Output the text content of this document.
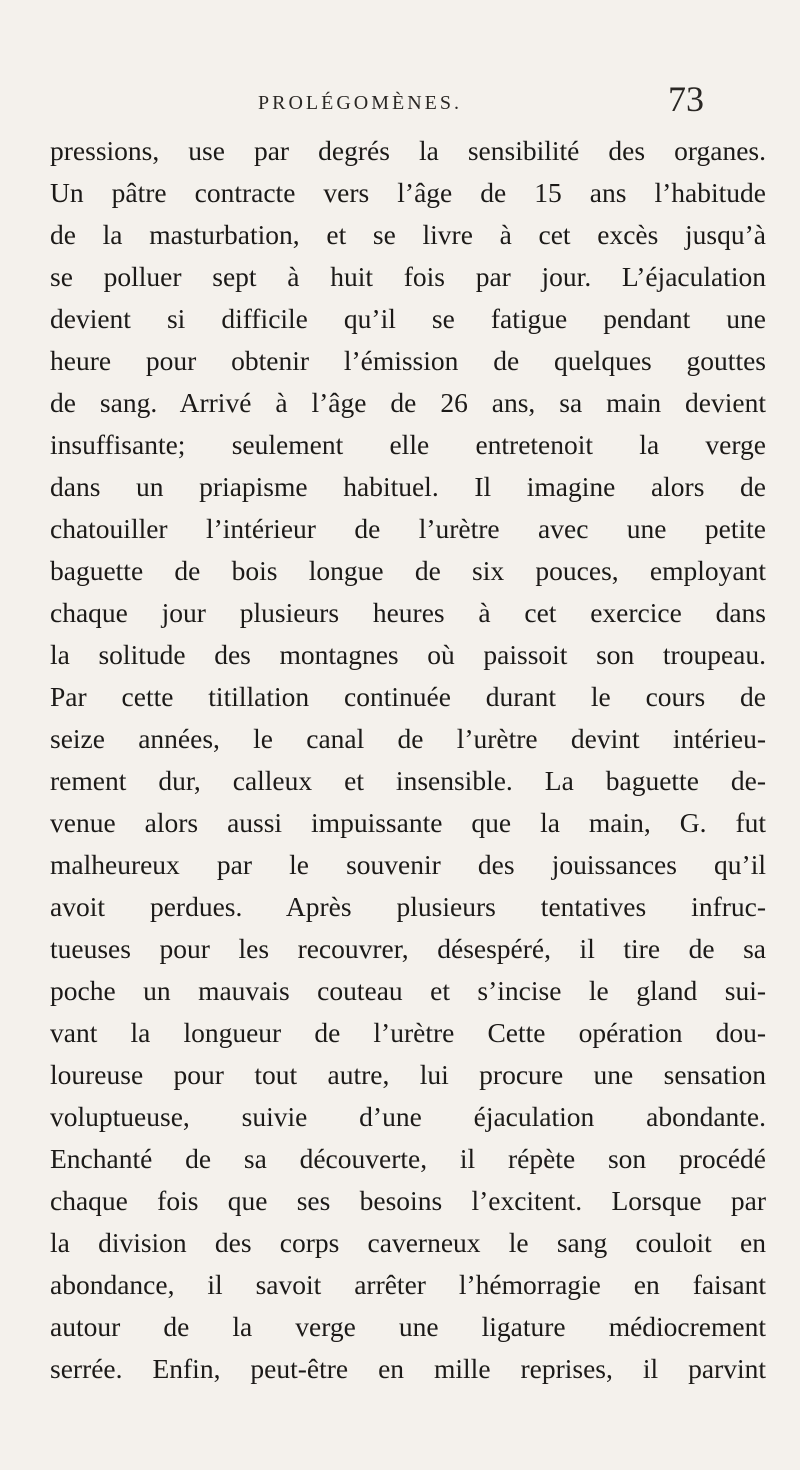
PROLÉGOMÈNES.	73
pressions, use par degrés la sensibilité des organes.
Un pâtre contracte vers l’âge de 15 ans l’habitude
de la masturbation, et se livre à cet excès jusqu’à
se polluer sept à huit fois par jour. L’éjaculation
devient si difficile qu’il se fatigue pendant une
heure pour obtenir l’émission de quelques gouttes
de sang. Arrivé à l’âge de 26 ans, sa main devient
insuffisante; seulement elle entretenoit la verge
dans un priapisme habituel. Il imagine alors de
chatouiller l’intérieur de l’urètre avec une petite
baguette de bois longue de six pouces, employant
chaque jour plusieurs heures à cet exercice dans
la solitude des montagnes où paissoit son troupeau.
Par cette titillation continuée durant le cours de
seize années, le canal de l’urètre devint intérieu-
rement dur, calleux et insensible. La baguette de-
venue alors aussi impuissante que la main, G. fut
malheureux par le souvenir des jouissances qu’il
avoit perdues. Après plusieurs tentatives infruc-
tueuses pour les recouvrer, désespéré, il tire de sa
poche un mauvais couteau et s’incise le gland sui-
vant la longueur de l’urètre Cette opération dou-
loureuse pour tout autre, lui procure une sensation
voluptueuse, suivie d’une éjaculation abondante.
Enchanté de sa découverte, il répète son procédé
chaque fois que ses besoins l’excitent. Lorsque par
la division des corps caverneux le sang couloit en
abondance, il savoit arrêter l’hémorragie en faisant
autour de la verge une ligature médiocrement
serrée. Enfin, peut-être en mille reprises, il parvint
